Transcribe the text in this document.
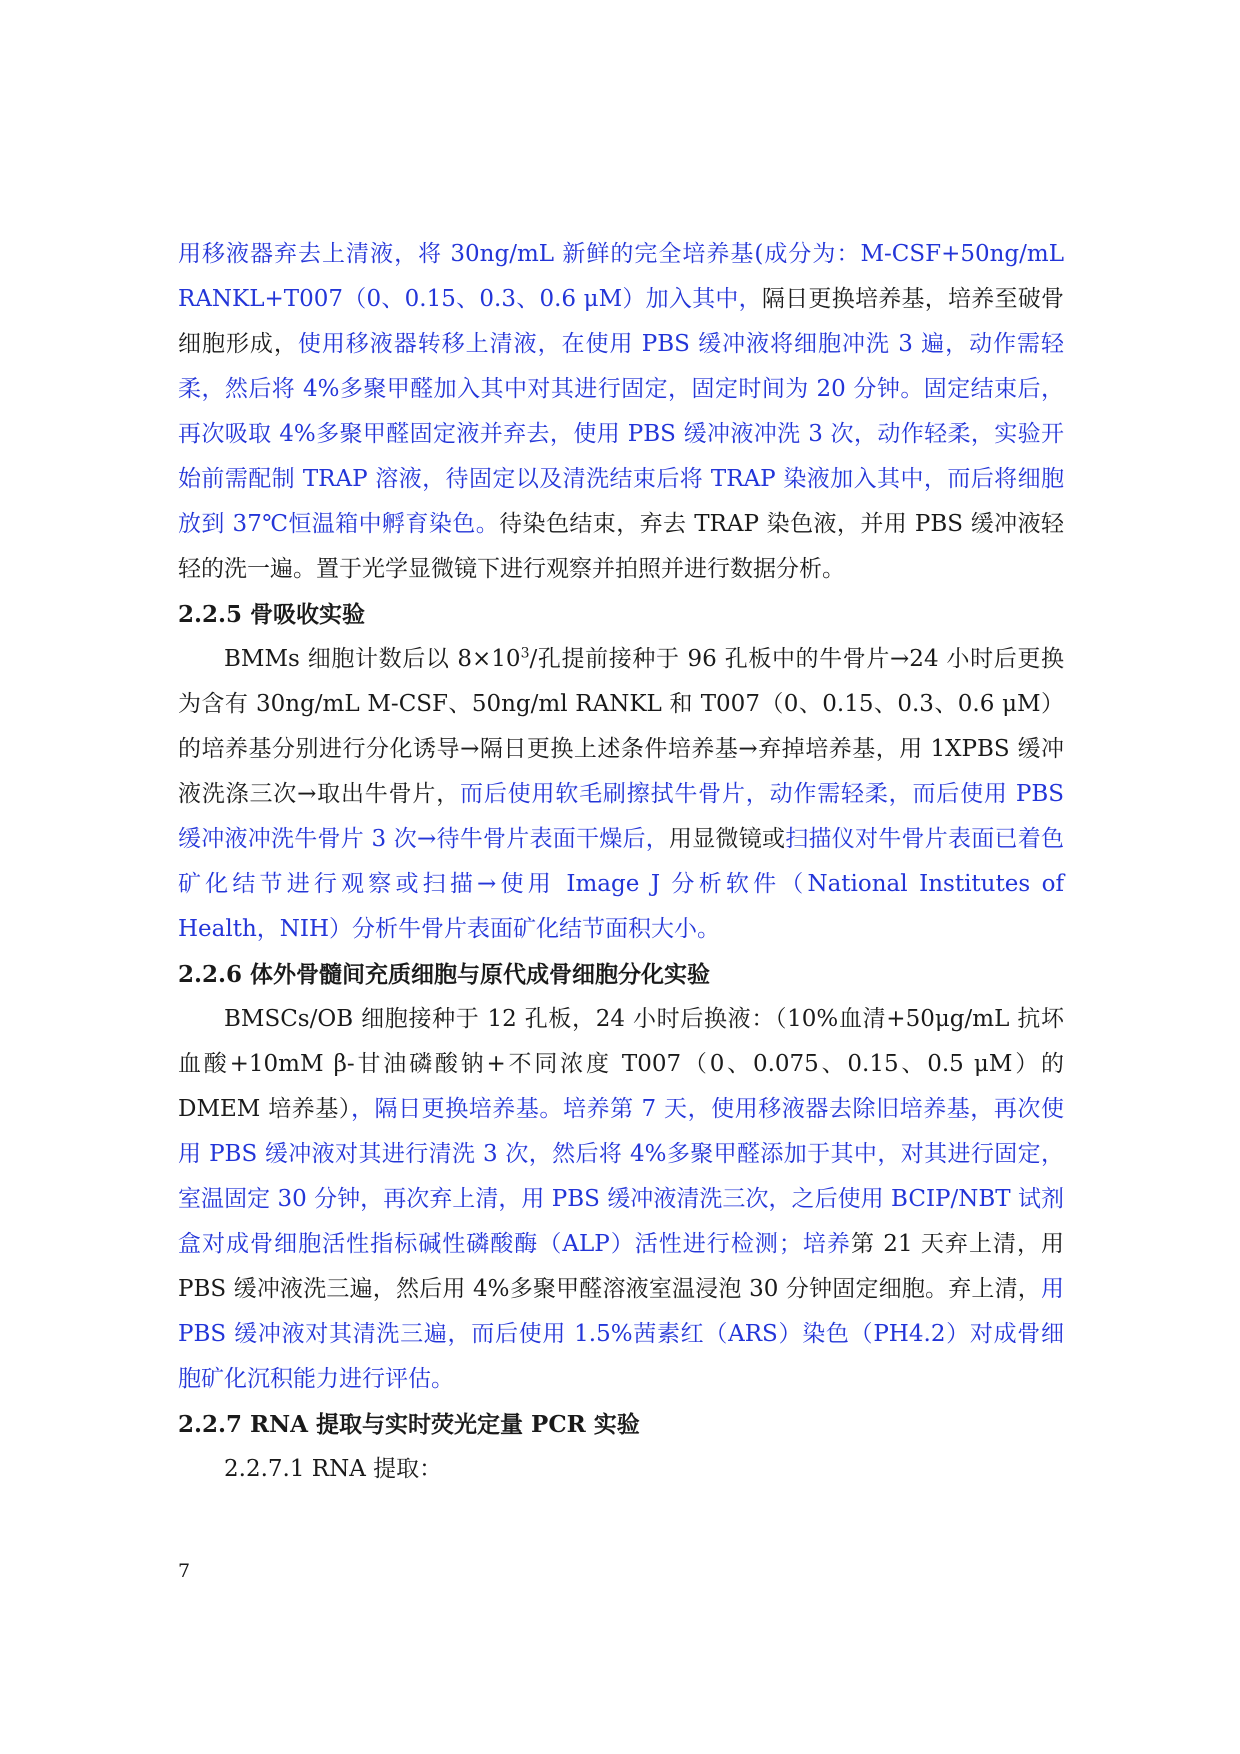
用移液器弃去上清液，将 30ng/mL 新鲜的完全培养基(成分为：M-CSF+50ng/mL RANKL+T007（0、0.15、0.3、0.6 μM）加入其中，隔日更换培养基，培养至破骨细胞形成，使用移液器转移上清液，在使用 PBS 缓冲液将细胞冲洗 3 遍，动作需轻柔，然后将 4%多聚甲醛加入其中对其进行固定，固定时间为 20 分钟。固定结束后，再次吸取 4%多聚甲醛固定液并弃去，使用 PBS 缓冲液冲洗 3 次，动作轻柔，实验开始前需配制 TRAP 溶液，待固定以及清洗结束后将 TRAP 染液加入其中，而后将细胞放到 37℃恒温箱中孵育染色。待染色结束，弃去 TRAP 染色液，并用 PBS 缓冲液轻轻的洗一遍。置于光学显微镜下进行观察并拍照并进行数据分析。

2.2.5 骨吸收实验

BMMs 细胞计数后以 $8\times 10^3/$孔提前接种于 96 孔板中的牛骨片→24 小时后更换为含有 30ng/mL M-CSF、50ng/ml RANKL 和 T007（0、0.15、0.3、0.6 μM）的培养基分别进行分化诱导→隔日更换上述条件培养基→弃掉培养基，用 1XPBS 缓冲液洗涤三次→取出牛骨片，而后使用软毛刷擦拭牛骨片，动作需轻柔，而后使用 PBS 缓冲液冲洗牛骨片 3 次→待牛骨片表面干燥后，用显微镜或扫描仪对牛骨片表面已着色矿化结节进行观察或扫描→使用 Image J 分析软件（National Institutes of Health，NIH）分析牛骨片表面矿化结节面积大小。

2.2.6 体外骨髓间充质细胞与原代成骨细胞分化实验

BMSCs/OB 细胞接种于 12 孔板，24 小时后换液：（10%血清+50μg/mL 抗坏血酸+10mM β-甘油磷酸钠+不同浓度 T007（0、0.075、0.15、0.5 μM）的 DMEM 培养基），隔日更换培养基。培养第 7 天，使用移液器去除旧培养基，再次使用 PBS 缓冲液对其进行清洗 3 次，然后将 4%多聚甲醛添加于其中，对其进行固定，室温固定 30 分钟，再次弃上清，用 PBS 缓冲液清洗三次，之后使用 BCIP/NBT 试剂盒对成骨细胞活性指标碱性磷酸酶（ALP）活性进行检测；培养第 21 天弃上清，用 PBS 缓冲液洗三遍，然后用 4%多聚甲醛溶液室温浸泡 30 分钟固定细胞。弃上清，用 PBS 缓冲液对其清洗三遍，而后使用 1.5%茜素红（ARS）染色（PH4.2）对成骨细胞矿化沉积能力进行评估。

2.2.7 RNA 提取与实时荧光定量 PCR 实验

2.2.7.1 RNA 提取：

7
